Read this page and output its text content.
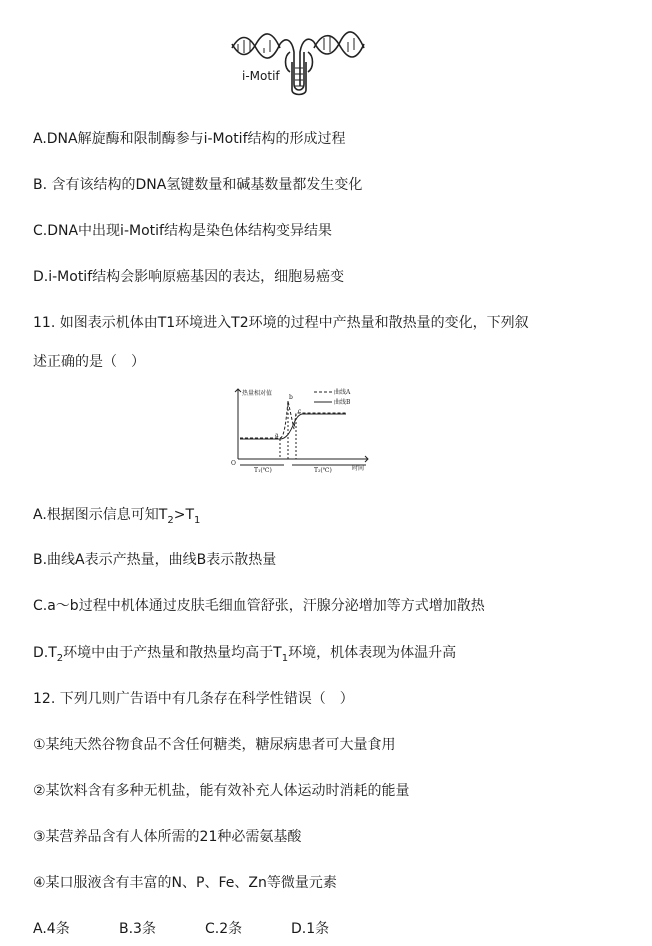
i-Motif
A.DNA解旋酶和限制酶参与i-Motif结构的形成过程
B. 含有该结构的DNA氢键数量和碱基数量都发生变化
C.DNA中出现i-Motif结构是染色体结构变异结果
D.i-Motif结构会影响原癌基因的表达，细胞易癌变
11. 如图表示机体由T1环境进入T2环境的过程中产热量和散热量的变化，下列叙
述正确的是（　）
热量相对值
O
时间
曲线A
曲线B
a
b
c
T₁(℃)	T₂(℃)
A.根据图示信息可知$T_2>T_1$
B.曲线A表示产热量，曲线B表示散热量
C.a～b过程中机体通过皮肤毛细血管舒张，汗腺分泌增加等方式增加散热
$D.T_2$环境中由于产热量和散热量均高于$T_1$环境，机体表现为体温升高
12. 下列几则广告语中有几条存在科学性错误（　）
①某纯天然谷物食品不含任何糖类，糖尿病患者可大量食用
②某饮料含有多种无机盐，能有效补充人体运动时消耗的能量
③某营养品含有人体所需的21种必需氨基酸
④某口服液含有丰富的N、P、Fe、Zn等微量元素
A.4条	B.3条	C.2条	D.1条
